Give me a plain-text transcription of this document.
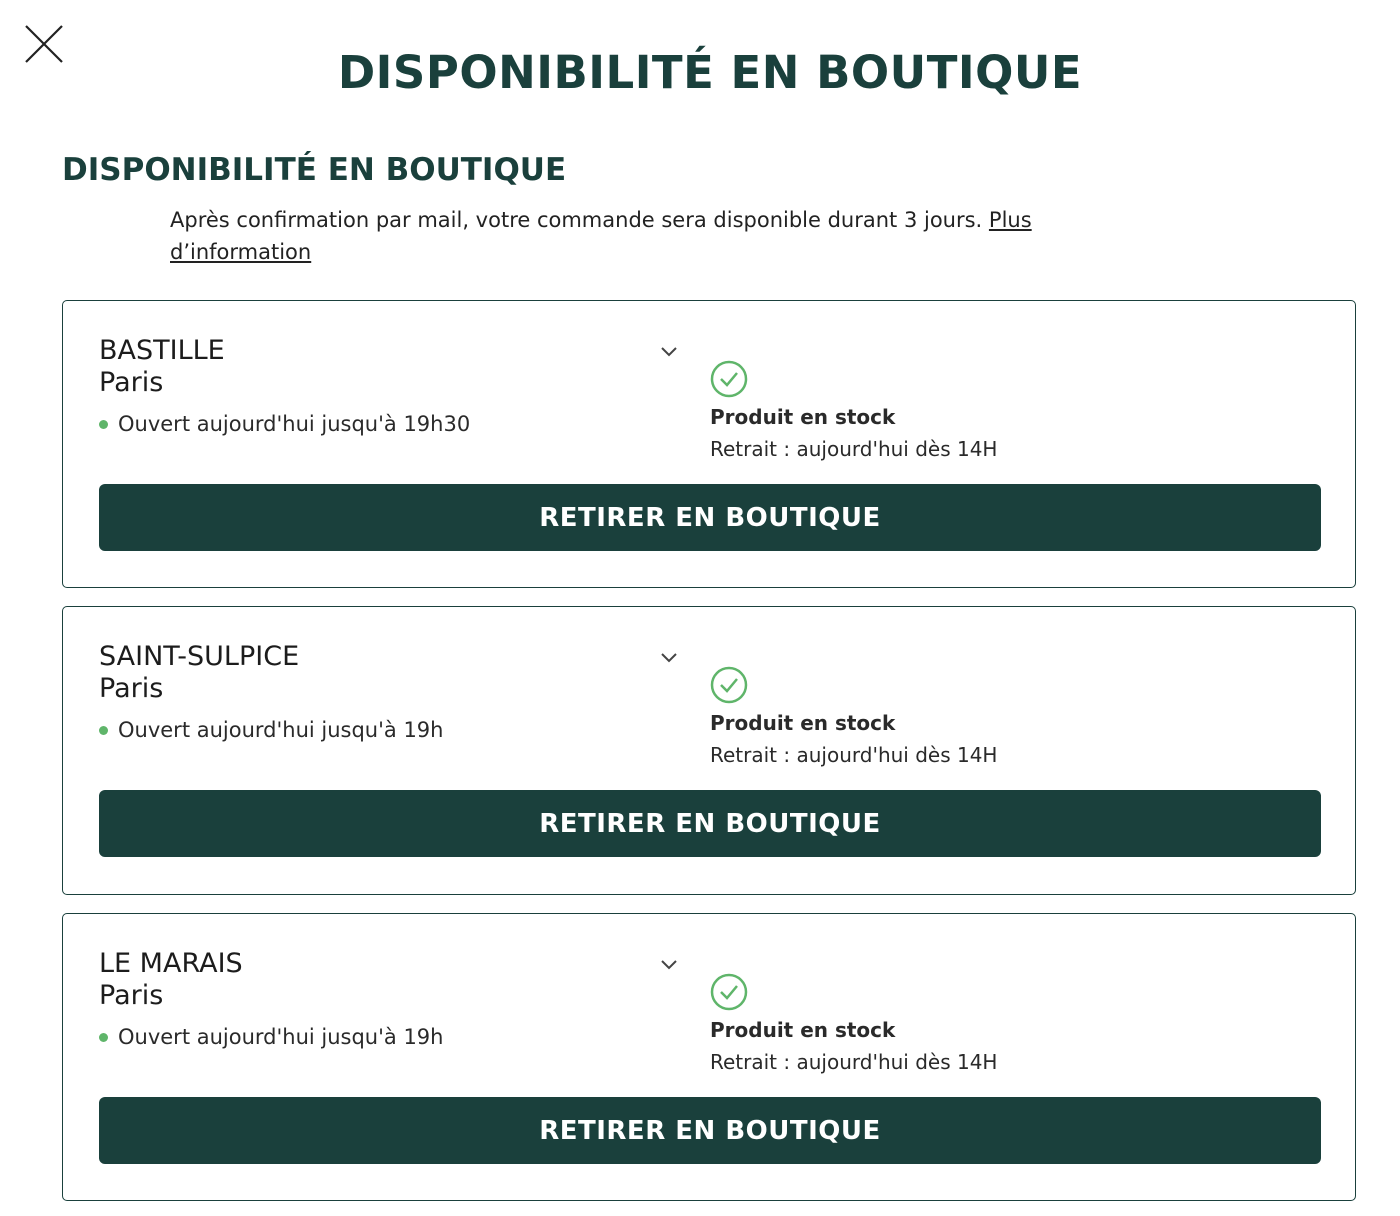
DISPONIBILITÉ EN BOUTIQUE
DISPONIBILITÉ EN BOUTIQUE

Après confirmation par mail, votre commande sera disponible durant 3 jours. Plus d’information

BASTILLE
Paris
Ouvert aujourd'hui jusqu'à 19h30	Produit en stock
Retrait : aujourd'hui dès 14H
RETIRER EN BOUTIQUE
SAINT-SULPICE
Paris
Ouvert aujourd'hui jusqu'à 19h	Produit en stock
Retrait : aujourd'hui dès 14H
RETIRER EN BOUTIQUE
LE MARAIS
Paris
Ouvert aujourd'hui jusqu'à 19h	Produit en stock
Retrait : aujourd'hui dès 14H
RETIRER EN BOUTIQUE
